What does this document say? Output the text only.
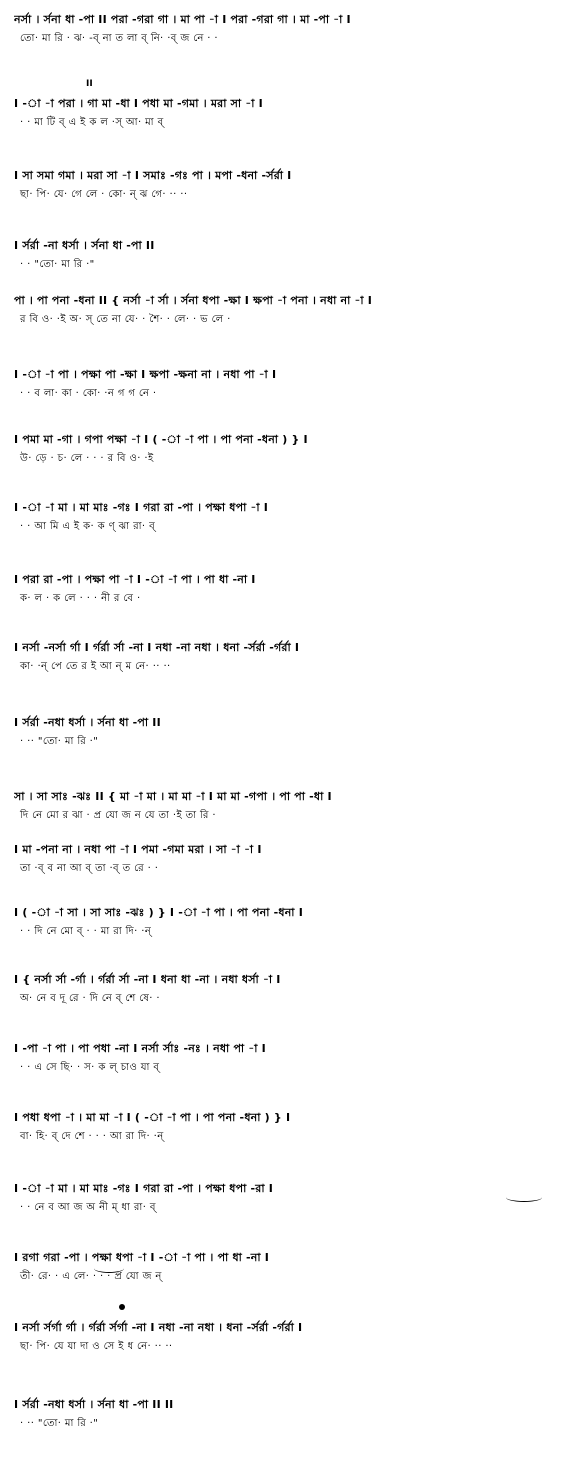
II
নর্সা । র্সনা ধা -পা II পরা -গরা গা । মা পা -া I পরা -গরা গা । মা -পা -া I
তো· মা রি · ঝ· -ব্ না ত লা ব্ নি· ·ব্ জ নে · ·
I -া -া পরা । গা মা -ধা I পধা মা -গমা । মরা সা -া I
· · মা টি ব্ এ ই ক ল ·স্ আ· মা ব্
I সা সমা গমা । মরা সা -া I সমাঃ -গঃ পা । মপা -ধনা -র্সর্রা I
ছা· পি· যে· গে লে · কো· ন্ ঝ গে· ·· ··
I র্সর্রা -না ধর্সা । র্সনা ধা -পা II
· · "তো· মা রি ·"
পা । পা পনা -ধনা II { নর্সা -া র্সা । র্সনা ধপা -ক্ষা I ক্ষপা -া পনা । নধা না -া I
র বি ও· ·ই অ· স্ তে না যে· · শৈ· · লে· · ভ লে ·
I -া -া পা । পক্ষা পা -ক্ষা I ক্ষপা -ক্ষনা না । নধা পা -া I
· · ব লা· কা · কো· ·ন গ গ নে ·
I পমা মা -গা । গপা পক্ষা -া I ( -া -া পা । পা পনা -ধনা ) } I
উ· ড়ে · চ· লে · · · র বি ও· ·ই
I -া -া মা । মা মাঃ -গঃ I গরা রা -পা । পক্ষা ধপা -া I
· · আ মি এ ই ক· ক ণ্ ঝা রা· ব্
I পরা রা -পা । পক্ষা পা -া I -া -া পা । পা ধা -না I
ক· ল · ক লে · · · নী র বে ·
I নর্সা -নর্সা র্গা I র্গর্রা র্সা -না I নধা -না নধা । ধনা -র্সর্রা -র্গর্রা I
কা· ·ন্ পে তে র ই আ ন্ ম নে· ·· ··
I র্সর্রা -নধা ধর্সা । র্সনা ধা -পা II
· ·· "তো· মা রি ·"
সা । সা সাঃ -ঝঃ II { মা -া মা । মা মা -া I মা মা -গপা । পা পা -ধা I
দি নে মো র ঝা · প্র যো জ ন যে তা ·ই তা রি ·
I মা -পনা না । নধা পা -া I পমা -গমা মরা । সা -া -া I
তা ·ব্ ব না আ ব্ তা ·ব্ ত রে · ·
I ( -া -া সা । সা সাঃ -ঝঃ ) } I -া -া পা । পা পনা -ধনা I
· · দি নে মো ব্ · · মা রা দি· ·ন্
I { নর্সা র্সা -র্গা । র্গর্রা র্সা -না I ধনা ধা -না । নধা ধর্সা -া I
অ· নে ব দূ রে · দি নে ব্ শে ষে· ·
I -পা -া পা । পা পধা -না I নর্সা র্সাঃ -নঃ । নধা পা -া I
· · এ সে ছি· · স· ক ল্ চাও যা ব্
I পধা ধপা -া । মা মা -া I ( -া -া পা । পা পনা -ধনা ) } I
বা· হি· ব্ দে শে · · · আ রা দি· ·ন্
I -া -া মা । মা মাঃ -গঃ I গরা রা -পা । পক্ষা ধপা -রা I
· · নে ব আ জ অ নী ম্ ধা রা· ব্
I রগা গরা -পা । পক্ষা ধপা -া I -া -া পা । পা ধা -না I
তী· রে· · এ লে· · · · প্র যো জ ন্
I নর্সা র্সর্গা র্গা । র্গর্রা র্সর্গা -না I নধা -না নধা । ধনা -র্সর্রা -র্গর্রা I
ছা· পি· যে যা দা ও সে ই ধ নে· ·· ··
I র্সর্রা -নধা ধর্সা । র্সনা ধা -পা II II
· ·· "তো· মা রি ·"
